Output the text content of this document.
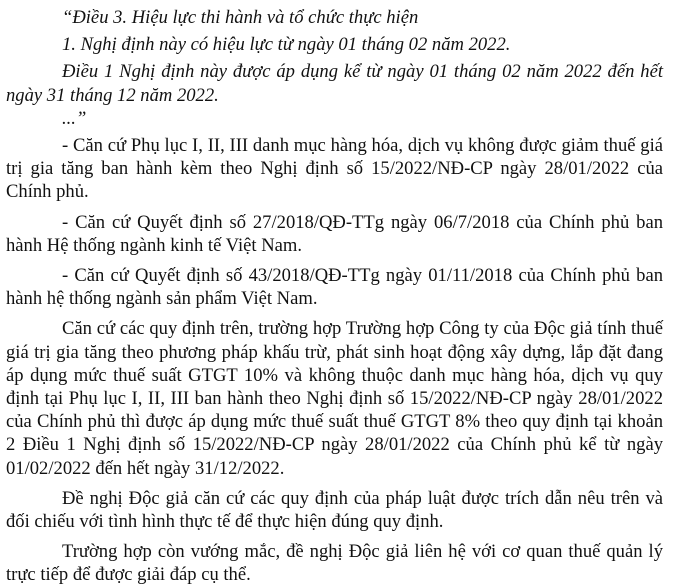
“Điều 3. Hiệu lực thi hành và tổ chức thực hiện

1. Nghị định này có hiệu lực từ ngày 01 tháng 02 năm 2022.

Điều 1 Nghị định này được áp dụng kể từ ngày 01 tháng 02 năm 2022 đến hết ngày 31 tháng 12 năm 2022.

...”

- Căn cứ Phụ lục I, II, III danh mục hàng hóa, dịch vụ không được giảm thuế giá trị gia tăng ban hành kèm theo Nghị định số 15/2022/NĐ-CP ngày 28/01/2022 của Chính phủ.

- Căn cứ Quyết định số 27/2018/QĐ-TTg ngày 06/7/2018 của Chính phủ ban hành Hệ thống ngành kinh tế Việt Nam.

- Căn cứ Quyết định số 43/2018/QĐ-TTg ngày 01/11/2018 của Chính phủ ban hành hệ thống ngành sản phẩm Việt Nam.

Căn cứ các quy định trên, trường hợp Trường hợp Công ty của Độc giả tính thuế giá trị gia tăng theo phương pháp khấu trừ, phát sinh hoạt động xây dựng, lắp đặt đang áp dụng mức thuế suất GTGT 10% và không thuộc danh mục hàng hóa, dịch vụ quy định tại Phụ lục I, II, III ban hành theo Nghị định số 15/2022/NĐ-CP ngày 28/01/2022 của Chính phủ thì được áp dụng mức thuế suất thuế GTGT 8% theo quy định tại khoản 2 Điều 1 Nghị định số 15/2022/NĐ-CP ngày 28/01/2022 của Chính phủ kể từ ngày 01/02/2022 đến hết ngày 31/12/2022.

Đề nghị Độc giả căn cứ các quy định của pháp luật được trích dẫn nêu trên và đối chiếu với tình hình thực tế để thực hiện đúng quy định.

Trường hợp còn vướng mắc, đề nghị Độc giả liên hệ với cơ quan thuế quản lý trực tiếp để được giải đáp cụ thể.
